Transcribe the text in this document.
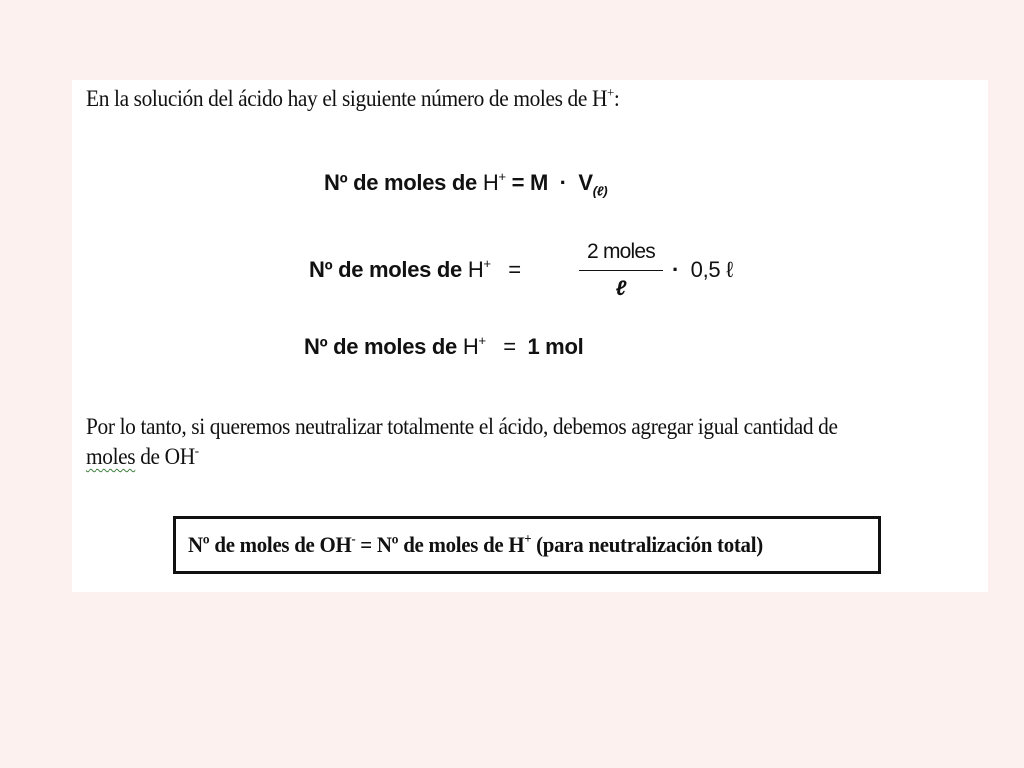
En la solución del ácido hay el siguiente número de moles de H+:
Nº de moles de $H^+ = M \cdot V_{(\ell)}$
Nº de moles de H+ =
2 moles
ℓ
· 0,5 ℓ
Nº de moles de H+ = 1 mol
Por lo tanto, si queremos neutralizar totalmente el ácido, debemos agregar igual cantidad de
moles de OH-
Nº de moles de OH- = Nº de moles de H+ (para neutralización total)
